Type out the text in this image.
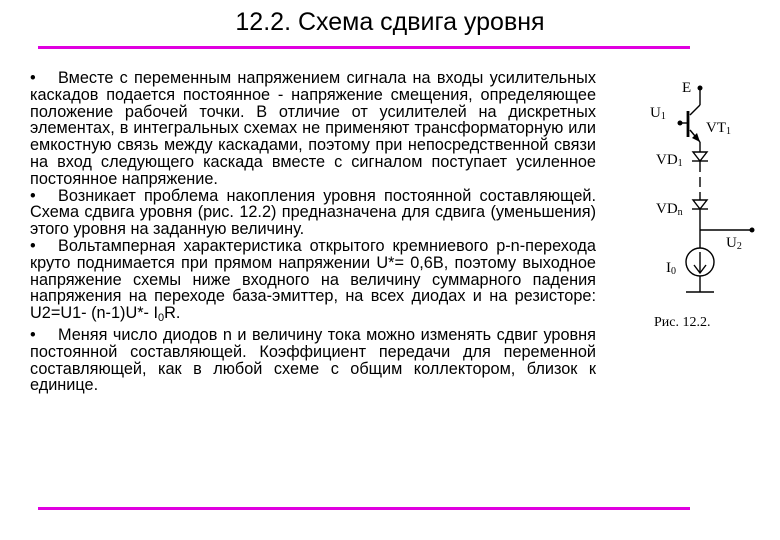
12.2. Схема сдвига уровня

• Вместе с переменным напряжением сигнала на входы усилительных каскадов подается постоянное - напряжение смещения, определяющее положение рабочей точки. В отличие от усилителей на дискретных элементах, в интегральных схемах не применяют трансформаторную или емкостную связь между каскадами, поэтому при непосредственной связи на вход следующего каскада вместе с сигналом поступает усиленное постоянное напряжение.

• Возникает проблема накопления уровня постоянной составляющей. Схема сдвига уровня (рис. 12.2) предназначена для сдвига (уменьшения) этого уровня на заданную величину.

• Вольтамперная характеристика открытого кремниевого p-n-перехода круто поднимается при прямом напряжении U*= 0,6В, поэтому выходное напряжение схемы ниже входного на величину суммарного падения напряжения на переходе база-эмиттер, на всех диодах и на резисторе: U2=U1- (n-1)U*- $I_0R$.

• Меняя число диодов n и величину тока можно изменять сдвиг уровня постоянной составляющей. Коэффициент передачи для переменной составляющей, как в любой схеме с общим коллектором, близок к единице.

E
U1
VT1
VD1
VDn
U2
I0
Рис. 12.2.
